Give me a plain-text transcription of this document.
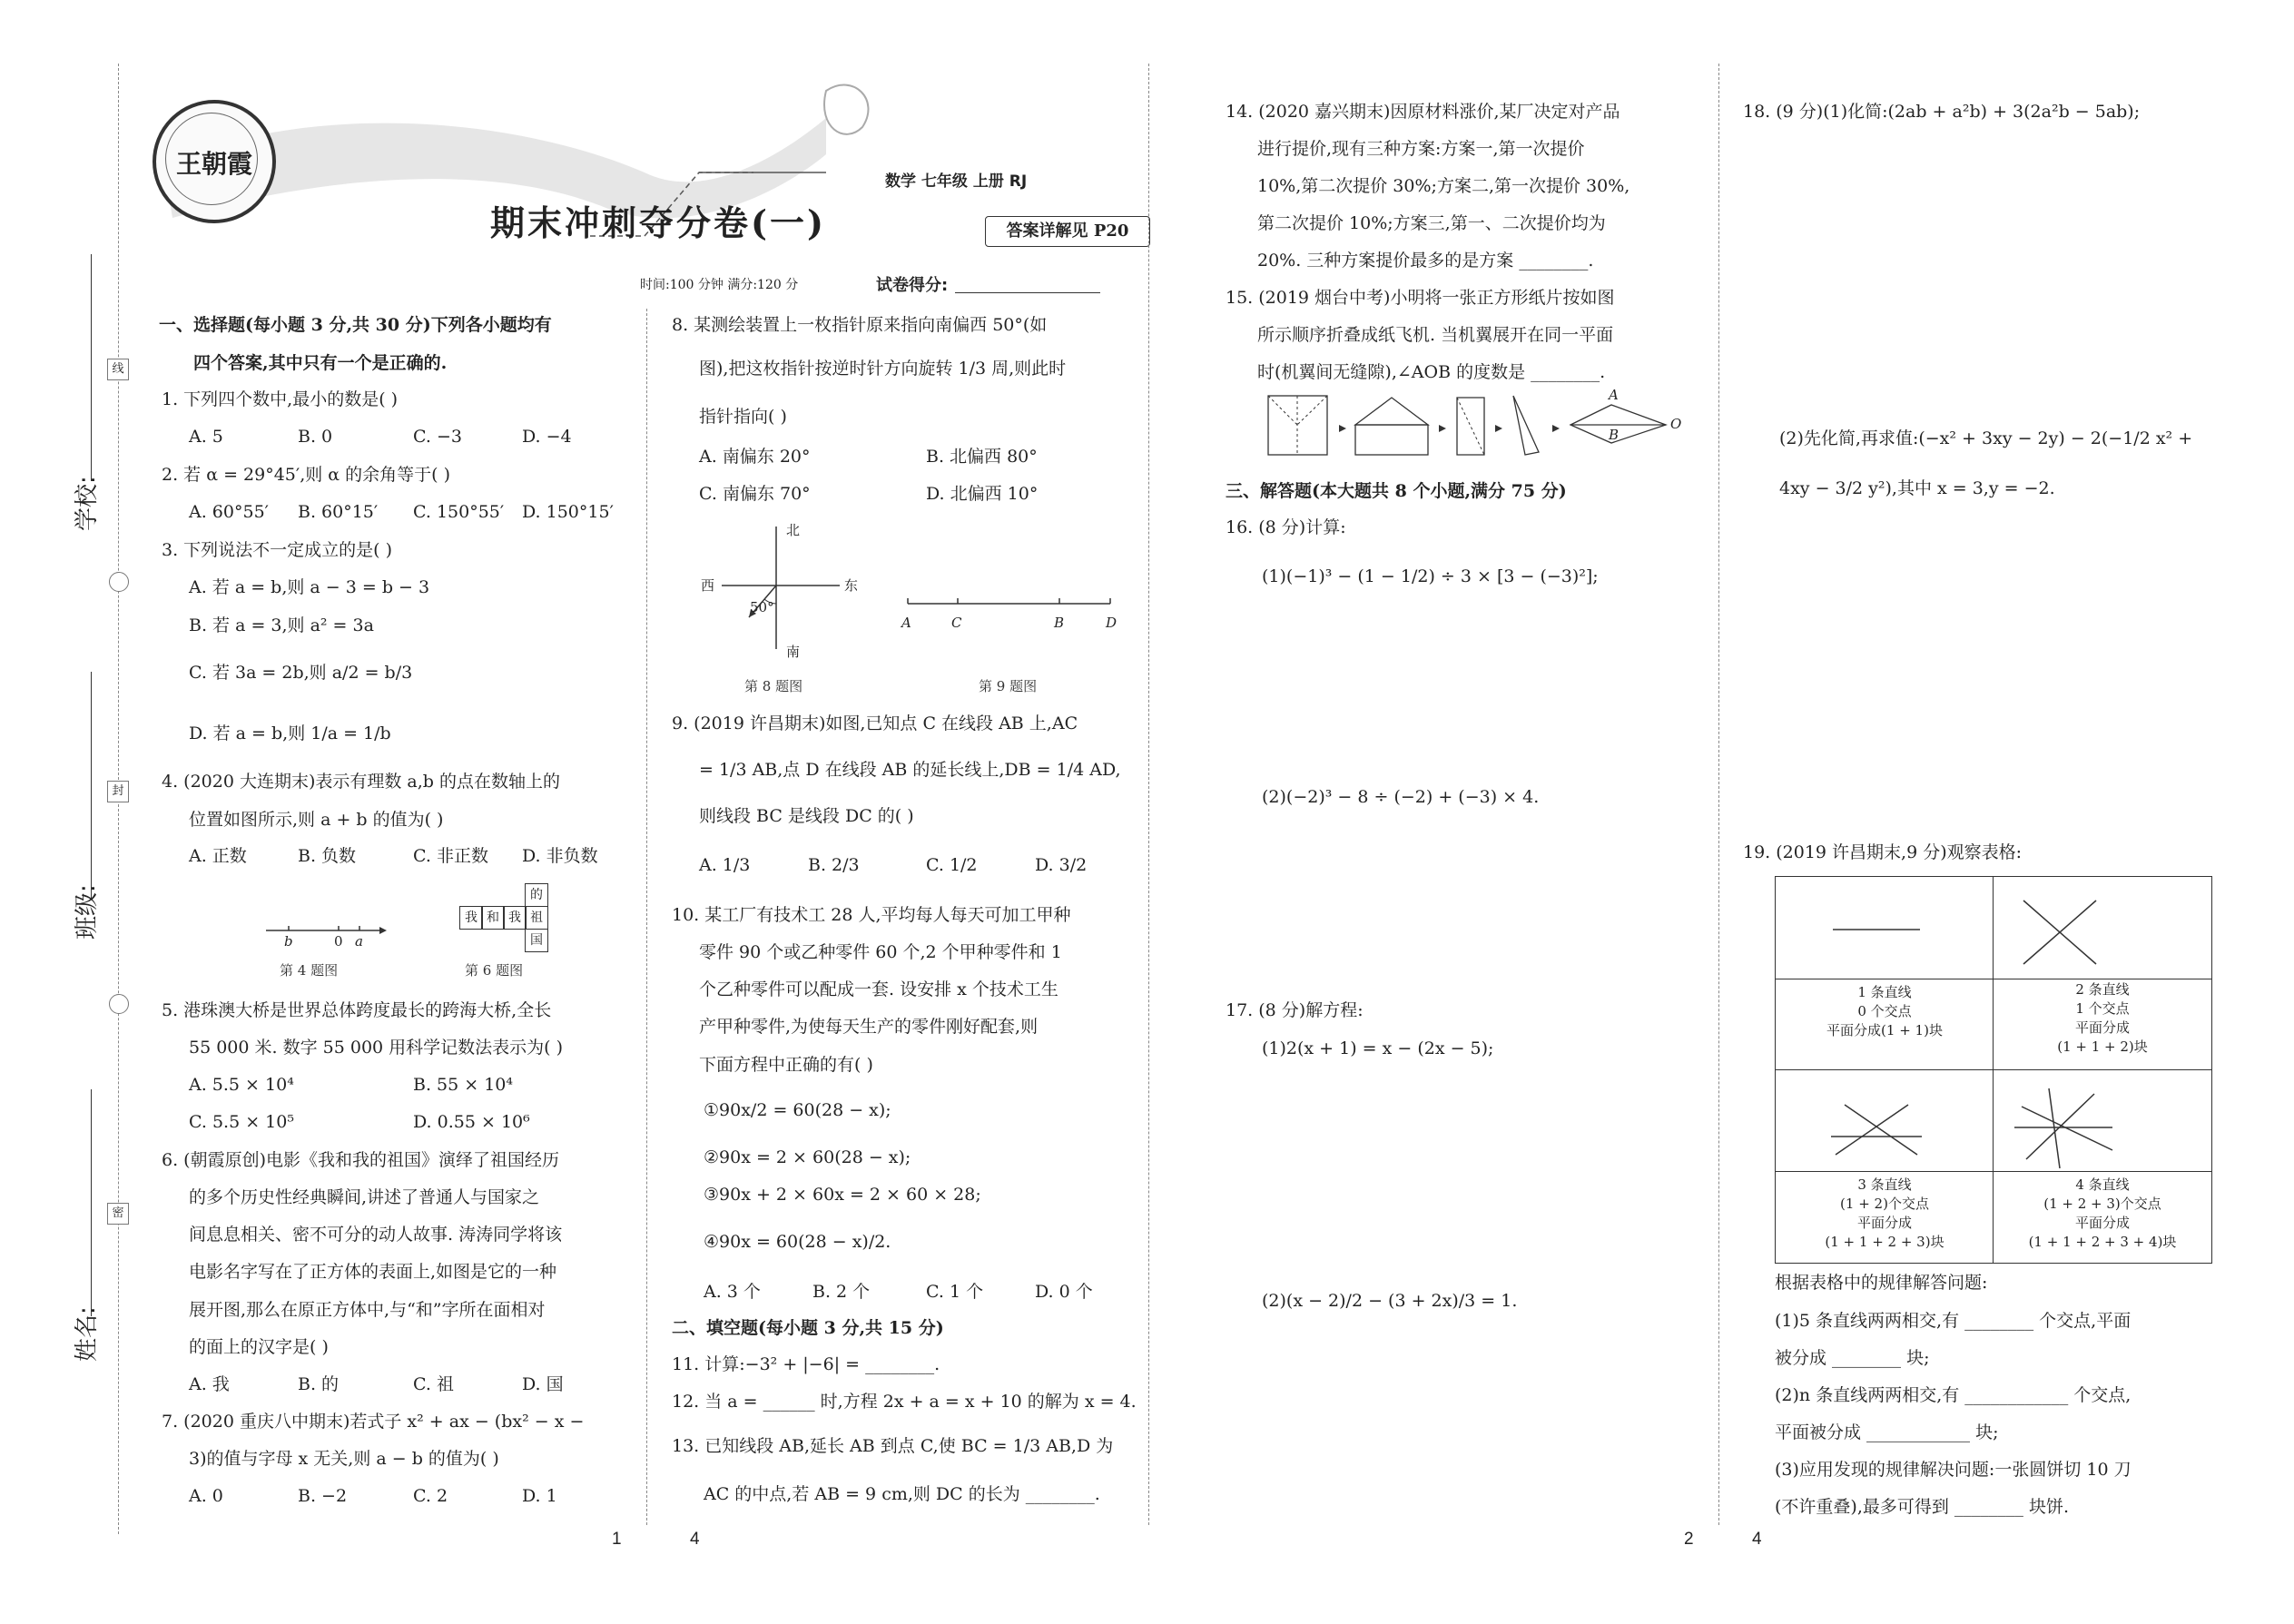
王朝霞
期末冲刺夺分卷(一)
数学 七年级 上册 RJ
答案详解见 P20
时间:100 分钟 满分:120 分	试卷得分:
学校:
班级:
姓名:
线
封
密
一、选择题(每小题 3 分,共 30 分)下列各小题均有
四个答案,其中只有一个是正确的.
1. 下列四个数中,最小的数是( )
A. 5	B. 0	C. −3	D. −4
2. 若 α = 29°45′,则 α 的余角等于( )
A. 60°55′ B. 60°15′ C. 150°55′ D. 150°15′
3. 下列说法不一定成立的是( )
A. 若 a = b,则 a − 3 = b − 3
B. 若 a = 3,则 a² = 3a
C. 若 3a = 2b,则 a/2 = b/3
D. 若 a = b,则 1/a = 1/b
4. (2020 大连期末)表示有理数 a,b 的点在数轴上的
位置如图所示,则 a + b 的值为( )
A. 正数	B. 负数	C. 非正数 D. 非负数
b	0 a
第 4 题图
的
我 和 我 祖
国
第 6 题图
5. 港珠澳大桥是世界总体跨度最长的跨海大桥,全长
55 000 米. 数字 55 000 用科学记数法表示为( )
A. 5.5 × 10⁴	B. 55 × 10⁴
C. 5.5 × 10⁵	D. 0.55 × 10⁶
6. (朝霞原创)电影《我和我的祖国》演绎了祖国经历
的多个历史性经典瞬间,讲述了普通人与国家之
间息息相关、密不可分的动人故事. 涛涛同学将该
电影名字写在了正方体的表面上,如图是它的一种
展开图,那么在原正方体中,与“和”字所在面相对
的面上的汉字是( )
A. 我	B. 的	C. 祖	D. 国
7. (2020 重庆八中期末)若式子 x² + ax − (bx² − x −
3)的值与字母 x 无关,则 a − b 的值为( )
A. 0	B. −2	C. 2	D. 1
8. 某测绘装置上一枚指针原来指向南偏西 50°(如
图),把这枚指针按逆时针方向旋转 1/3 周,则此时
指针指向( )
A. 南偏东 20°	B. 北偏西 80°
C. 南偏东 70°	D. 北偏西 10°
北
南
西	东
50°
第 8 题图
A	C	B	D
第 9 题图
9. (2019 许昌期末)如图,已知点 C 在线段 AB 上,AC
= 1/3 AB,点 D 在线段 AB 的延长线上,DB = 1/4 AD,
则线段 BC 是线段 DC 的( )
A. 1/3	B. 2/3	C. 1/2	D. 3/2
10. 某工厂有技术工 28 人,平均每人每天可加工甲种
零件 90 个或乙种零件 60 个,2 个甲种零件和 1
个乙种零件可以配成一套. 设安排 x 个技术工生
产甲种零件,为使每天生产的零件刚好配套,则
下面方程中正确的有( )
①90x/2 = 60(28 − x);
②90x = 2 × 60(28 − x);
③90x + 2 × 60x = 2 × 60 × 28;
④90x = 60(28 − x)/2.
A. 3 个	B. 2 个	C. 1 个	D. 0 个
二、填空题(每小题 3 分,共 15 分)
11. 计算:−3² + |−6| = ________.
12. 当 a = ______ 时,方程 2x + a = x + 10 的解为 x = 4.
13. 已知线段 AB,延长 AB 到点 C,使 BC = 1/3 AB,D 为
AC 的中点,若 AB = 9 cm,则 DC 的长为 ________.
1	4
14. (2020 嘉兴期末)因原材料涨价,某厂决定对产品
进行提价,现有三种方案:方案一,第一次提价
10%,第二次提价 30%;方案二,第一次提价 30%,
第二次提价 10%;方案三,第一、二次提价均为
20%. 三种方案提价最多的是方案 ________.
15. (2019 烟台中考)小明将一张正方形纸片按如图
所示顺序折叠成纸飞机. 当机翼展开在同一平面
时(机翼间无缝隙),∠AOB 的度数是 ________.
A
B
O
三、解答题(本大题共 8 个小题,满分 75 分)
16. (8 分)计算:
(1)(−1)³ − (1 − 1/2) ÷ 3 × [3 − (−3)²];
(2)(−2)³ − 8 ÷ (−2) + (−3) × 4.
17. (8 分)解方程:
(1)2(x + 1) = x − (2x − 5);
(2)(x − 2)/2 − (3 + 2x)/3 = 1.
2
18. (9 分)(1)化简:(2ab + a²b) + 3(2a²b − 5ab);
(2)先化简,再求值:(−x² + 3xy − 2y) − 2(−1/2 x² +
4xy − 3/2 y²),其中 x = 3,y = −2.
19. (2019 许昌期末,9 分)观察表格:
1 条直线
0 个交点
平面分成(1 + 1)块
2 条直线
1 个交点
平面分成
(1 + 1 + 2)块
3 条直线
(1 + 2)个交点
平面分成
(1 + 1 + 2 + 3)块
4 条直线
(1 + 2 + 3)个交点
平面分成
(1 + 1 + 2 + 3 + 4)块
根据表格中的规律解答问题:
(1)5 条直线两两相交,有 ________ 个交点,平面
被分成 ________ 块;
(2)n 条直线两两相交,有 ____________ 个交点,
平面被分成 ____________ 块;
(3)应用发现的规律解决问题:一张圆饼切 10 刀
(不许重叠),最多可得到 ________ 块饼.
4
